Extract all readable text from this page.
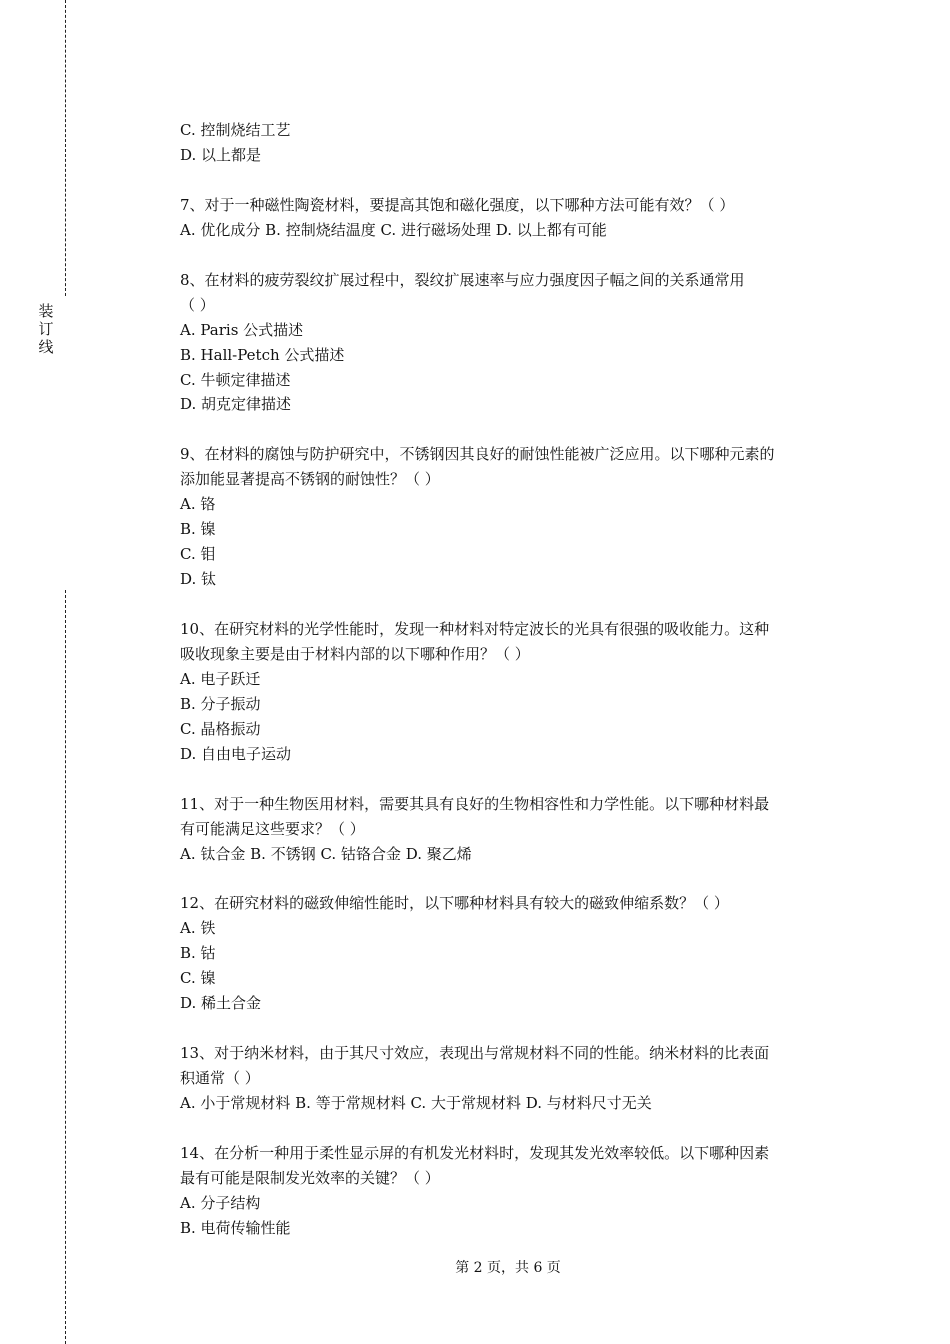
装
订
线
C. 控制烧结工艺
D. 以上都是
7、对于一种磁性陶瓷材料，要提高其饱和磁化强度，以下哪种方法可能有效？（ ）
A. 优化成分 B. 控制烧结温度 C. 进行磁场处理 D. 以上都有可能
8、在材料的疲劳裂纹扩展过程中，裂纹扩展速率与应力强度因子幅之间的关系通常用
（ ）
A. Paris 公式描述
B. Hall-Petch 公式描述
C. 牛顿定律描述
D. 胡克定律描述
9、在材料的腐蚀与防护研究中，不锈钢因其良好的耐蚀性能被广泛应用。以下哪种元素的
添加能显著提高不锈钢的耐蚀性？（ ）
A. 铬
B. 镍
C. 钼
D. 钛
10、在研究材料的光学性能时，发现一种材料对特定波长的光具有很强的吸收能力。这种
吸收现象主要是由于材料内部的以下哪种作用？（ ）
A. 电子跃迁
B. 分子振动
C. 晶格振动
D. 自由电子运动
11、对于一种生物医用材料，需要其具有良好的生物相容性和力学性能。以下哪种材料最
有可能满足这些要求？（ ）
A. 钛合金 B. 不锈钢 C. 钴铬合金 D. 聚乙烯
12、在研究材料的磁致伸缩性能时，以下哪种材料具有较大的磁致伸缩系数？（ ）
A. 铁
B. 钴
C. 镍
D. 稀土合金
13、对于纳米材料，由于其尺寸效应，表现出与常规材料不同的性能。纳米材料的比表面
积通常（ ）
A. 小于常规材料 B. 等于常规材料 C. 大于常规材料 D. 与材料尺寸无关
14、在分析一种用于柔性显示屏的有机发光材料时，发现其发光效率较低。以下哪种因素
最有可能是限制发光效率的关键？（ ）
A. 分子结构
B. 电荷传输性能
第 2 页，共 6 页
